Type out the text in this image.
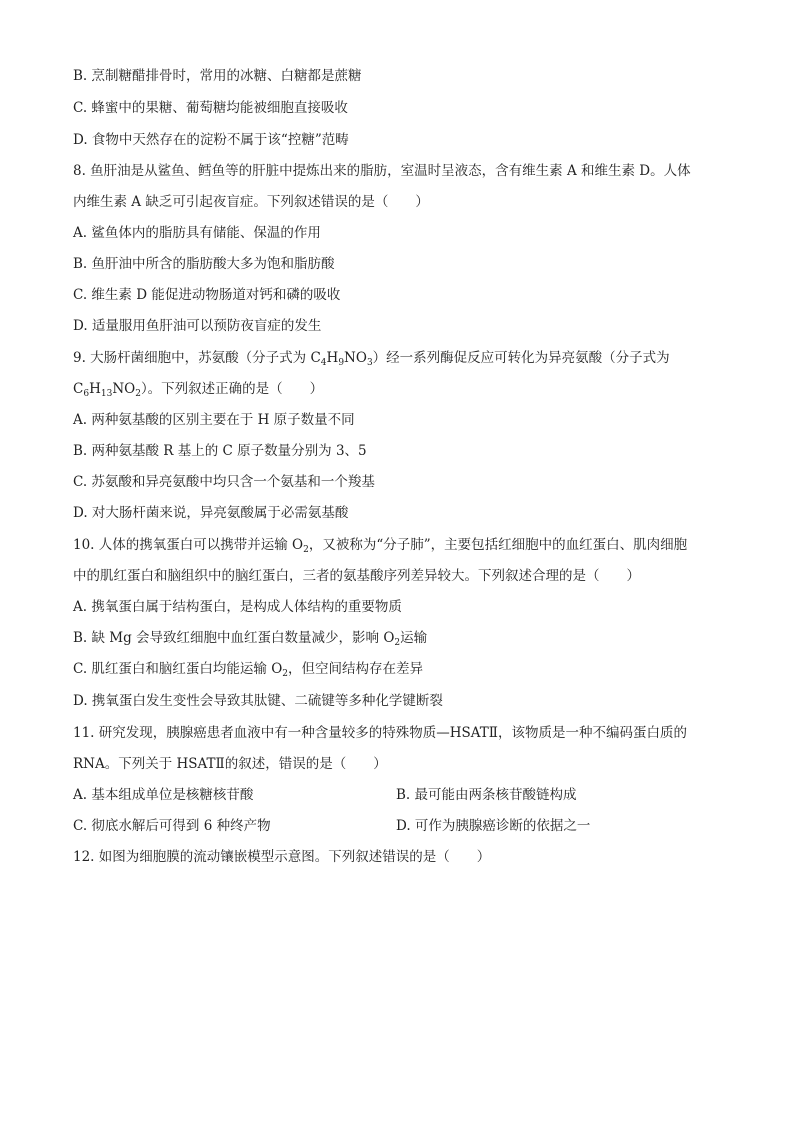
B. 烹制糖醋排骨时，常用的冰糖、白糖都是蔗糖
C. 蜂蜜中的果糖、葡萄糖均能被细胞直接吸收
D. 食物中天然存在的淀粉不属于该“控糖”范畴
8. 鱼肝油是从鲨鱼、鳕鱼等的肝脏中提炼出来的脂肪，室温时呈液态，含有维生素 A 和维生素 D。人体
内维生素 A 缺乏可引起夜盲症。下列叙述错误的是（　　）
A. 鲨鱼体内的脂肪具有储能、保温的作用
B. 鱼肝油中所含的脂肪酸大多为饱和脂肪酸
C. 维生素 D 能促进动物肠道对钙和磷的吸收
D. 适量服用鱼肝油可以预防夜盲症的发生
9. 大肠杆菌细胞中，苏氨酸（分子式为 $C_4H_9NO_3$）经一系列酶促反应可转化为异亮氨酸（分子式为
$C_6H_{13}NO_2$）。下列叙述正确的是（　　）
A. 两种氨基酸的区别主要在于 H 原子数量不同
B. 两种氨基酸 R 基上的 C 原子数量分别为 3、5
C. 苏氨酸和异亮氨酸中均只含一个氨基和一个羧基
D. 对大肠杆菌来说，异亮氨酸属于必需氨基酸
10. 人体的携氧蛋白可以携带并运输 $O_2$，又被称为“分子肺”，主要包括红细胞中的血红蛋白、肌肉细胞
中的肌红蛋白和脑组织中的脑红蛋白，三者的氨基酸序列差异较大。下列叙述合理的是（　　）
A. 携氧蛋白属于结构蛋白，是构成人体结构的重要物质
B. 缺 Mg 会导致红细胞中血红蛋白数量减少，影响 $O_2$运输
C. 肌红蛋白和脑红蛋白均能运输 $O_2$，但空间结构存在差异
D. 携氧蛋白发生变性会导致其肽键、二硫键等多种化学键断裂
11. 研究发现，胰腺癌患者血液中有一种含量较多的特殊物质—HSATⅡ，该物质是一种不编码蛋白质的
RNA。下列关于 HSATⅡ的叙述，错误的是（　　）
A. 基本组成单位是核糖核苷酸	B. 最可能由两条核苷酸链构成
C. 彻底水解后可得到 6 种终产物	D. 可作为胰腺癌诊断的依据之一
12. 如图为细胞膜的流动镶嵌模型示意图。下列叙述错误的是（　　）
